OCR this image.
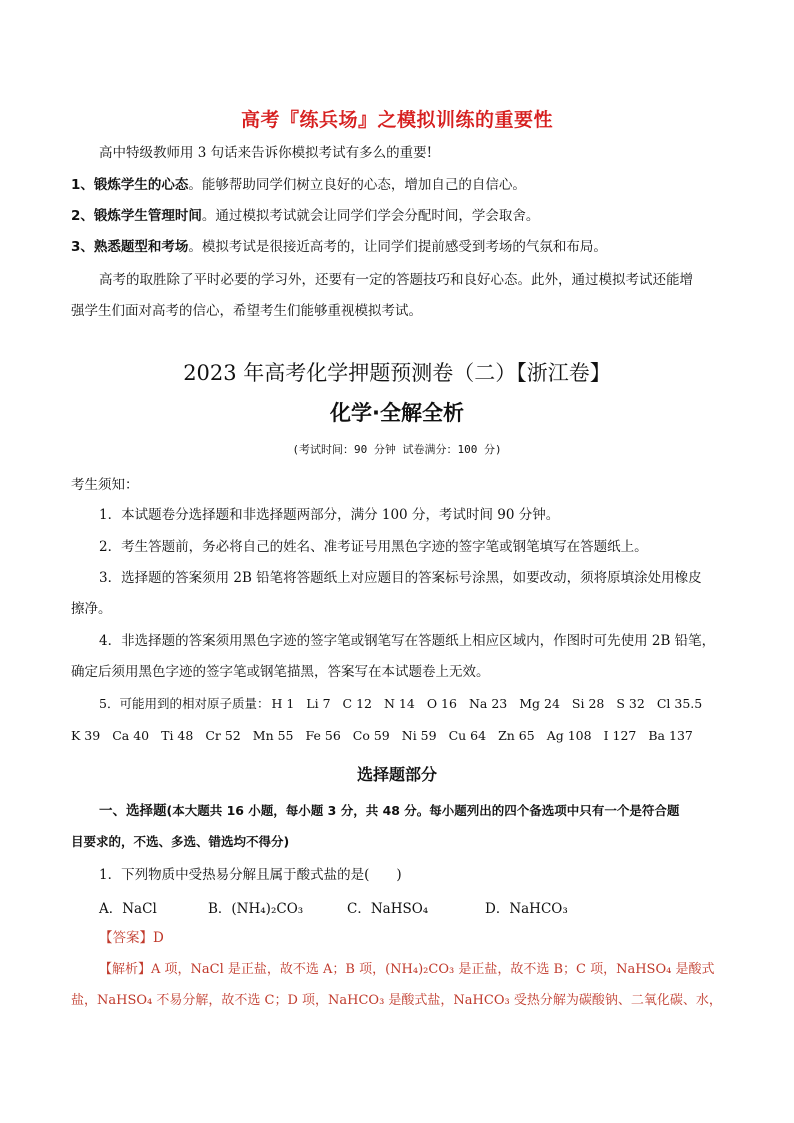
高考『练兵场』之模拟训练的重要性
高中特级教师用 3 句话来告诉你模拟考试有多么的重要!
1、锻炼学生的心态。能够帮助同学们树立良好的心态，增加自己的自信心。
2、锻炼学生管理时间。通过模拟考试就会让同学们学会分配时间，学会取舍。
3、熟悉题型和考场。模拟考试是很接近高考的，让同学们提前感受到考场的气氛和布局。
高考的取胜除了平时必要的学习外，还要有一定的答题技巧和良好心态。此外，通过模拟考试还能增
强学生们面对高考的信心，希望考生们能够重视模拟考试。
2023 年高考化学押题预测卷（二）【浙江卷】
化学·全解全析
(考试时间：90 分钟 试卷满分：100 分)
考生须知：
1．本试题卷分选择题和非选择题两部分，满分 100 分，考试时间 90 分钟。
2．考生答题前，务必将自己的姓名、准考证号用黑色字迹的签字笔或钢笔填写在答题纸上。
3．选择题的答案须用 2B 铅笔将答题纸上对应题目的答案标号涂黑，如要改动，须将原填涂处用橡皮
擦净。
4．非选择题的答案须用黑色字迹的签字笔或钢笔写在答题纸上相应区域内，作图时可先使用 2B 铅笔，
确定后须用黑色字迹的签字笔或钢笔描黑，答案写在本试题卷上无效。
5．可能用到的相对原子质量： H 1 Li 7 C 12 N 14 O 16 Na 23 Mg 24 Si 28 S 32 Cl 35.5
K 39 Ca 40 Ti 48 Cr 52 Mn 55 Fe 56 Co 59 Ni 59 Cu 64 Zn 65 Ag 108 I 127 Ba 137
选择题部分
一、选择题(本大题共 16 小题，每小题 3 分，共 48 分。每小题列出的四个备选项中只有一个是符合题
目要求的，不选、多选、错选均不得分)
1．下列物质中受热易分解且属于酸式盐的是(　　)
A．NaCl	B．(NH₄)₂CO₃	C．NaHSO₄	D．NaHCO₃
【答案】D
【解析】A 项，NaCl 是正盐，故不选 A；B 项，(NH₄)₂CO₃ 是正盐，故不选 B；C 项，NaHSO₄ 是酸式
盐，NaHSO₄ 不易分解，故不选 C；D 项，NaHCO₃ 是酸式盐，NaHCO₃ 受热分解为碳酸钠、二氧化碳、水，
